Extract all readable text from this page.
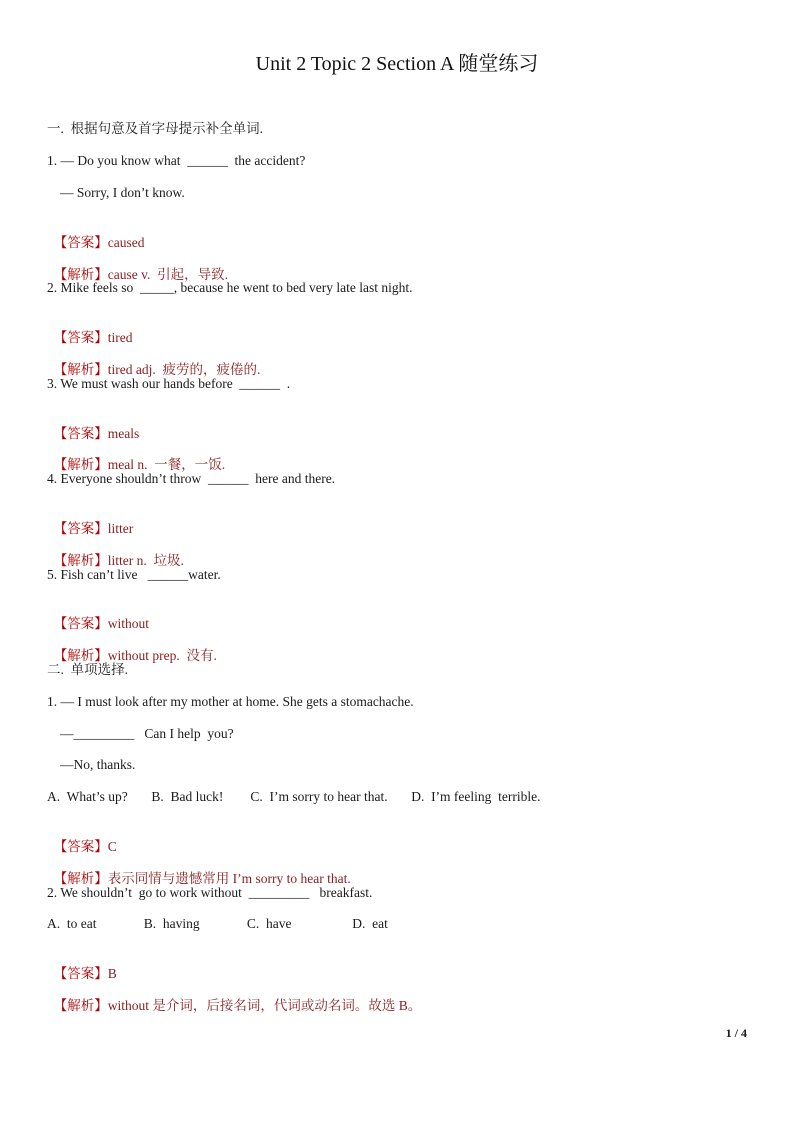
Unit 2 Topic 2 Section A 随堂练习
一.  根据句意及首字母提示补全单词.
1. — Do you know what  ______  the accident?
— Sorry, I don’t know.

【答案】caused

【解析】cause v.  引起，导致.

2. Mike feels so  _____, because he went to bed very late last night.

【答案】tired

【解析】tired adj.  疲劳的，疲倦的.

3. We must wash our hands before  ______  .

【答案】meals

【解析】meal n.  一餐，一饭.

4. Everyone shouldn’t throw  ______  here and there.

【答案】litter

【解析】litter n.  垃圾.

5. Fish can’t live   ______water.

【答案】without

【解析】without prep.  没有.

二.  单项选择.
1. — I must look after my mother at home. She gets a stomachache.
—_________   Can I help  you?
—No, thanks.
A.  What’s up?       B.  Bad luck!        C.  I’m sorry to hear that.       D.  I’m feeling  terrible.

【答案】C

【解析】表示同情与遗憾常用 I’m sorry to hear that.

2. We shouldn’t  go to work without  _________   breakfast.
A.  to eat              B.  having              C.  have                  D.  eat

【答案】B

【解析】without 是介词，后接名词，代词或动名词。故选 B。

1 / 4
